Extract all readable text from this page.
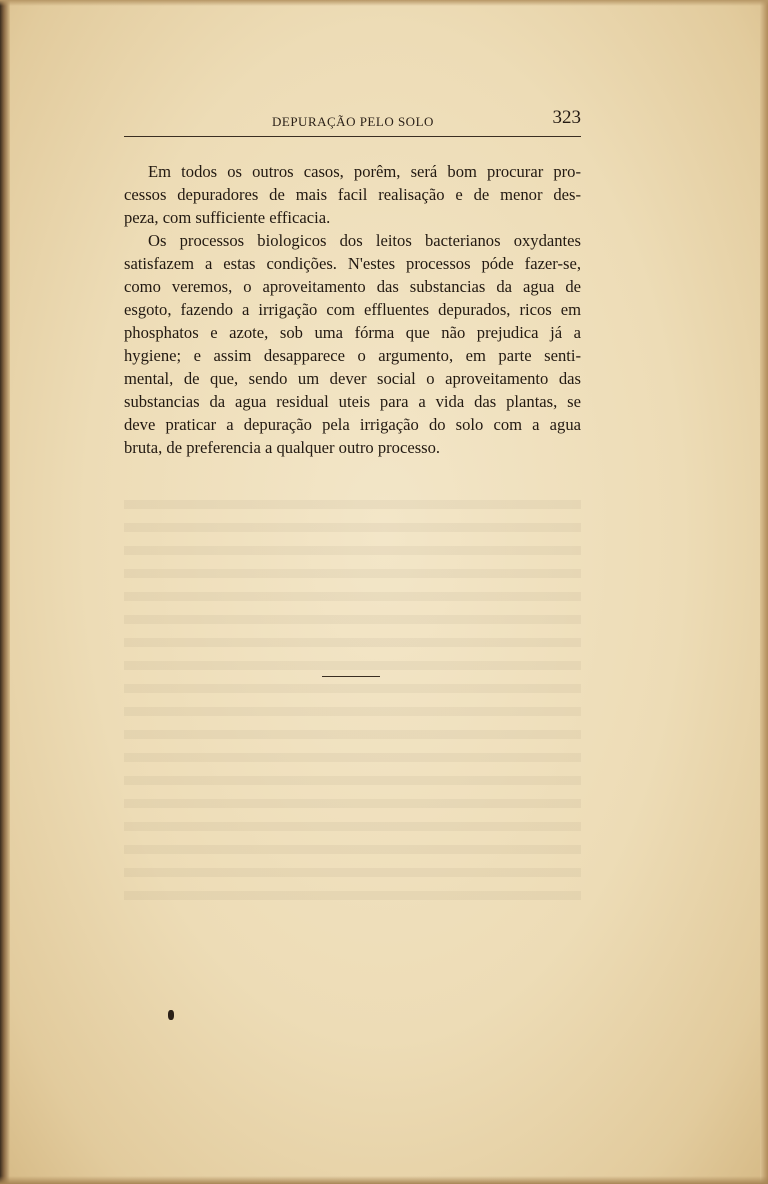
DEPURAÇÃO PELO SOLO	323
Em todos os outros casos, porêm, será bom procurar pro-
cessos depuradores de mais facil realisação e de menor des-
peza, com sufficiente efficacia.
Os processos biologicos dos leitos bacterianos oxydantes
satisfazem a estas condições. N'estes processos póde fazer-se,
como veremos, o aproveitamento das substancias da agua de
esgoto, fazendo a irrigação com effluentes depurados, ricos em
phosphatos e azote, sob uma fórma que não prejudica já a
hygiene; e assim desapparece o argumento, em parte senti-
mental, de que, sendo um dever social o aproveitamento das
substancias da agua residual uteis para a vida das plantas, se
deve praticar a depuração pela irrigação do solo com a agua
bruta, de preferencia a qualquer outro processo.
